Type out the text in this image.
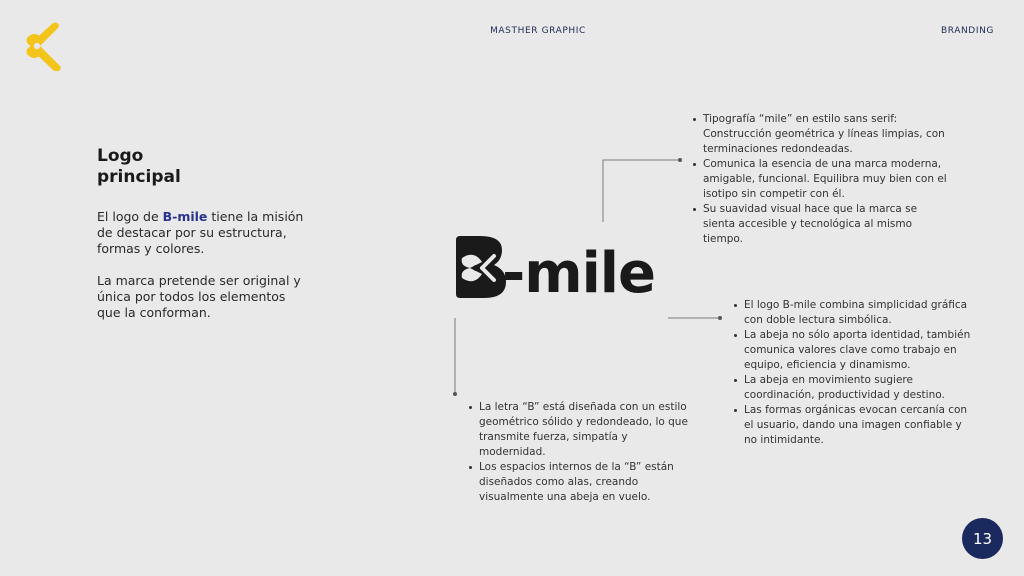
MASTHER GRAPHIC	BRANDING
Logo
principal

El logo de B-mile tiene la misión de destacar por su estructura, formas y colores.

La marca pretende ser original y única por todos los elementos que la conforman.

-mile
Tipografía “mile” en estilo sans serif: Construcción geométrica y líneas limpias, con terminaciones redondeadas.
Comunica la esencia de una marca moderna, amigable, funcional. Equilibra muy bien con el isotipo sin competir con él.
Su suavidad visual hace que la marca se sienta accesible y tecnológica al mismo tiempo.
El logo B-mile combina simplicidad gráfica con doble lectura simbólica.
La abeja no sólo aporta identidad, también comunica valores clave como trabajo en equipo, eficiencia y dinamismo.
La abeja en movimiento sugiere coordinación, productividad y destino.
Las formas orgánicas evocan cercanía con el usuario, dando una imagen confiable y no intimidante.
La letra “B” está diseñada con un estilo geométrico sólido y redondeado, lo que transmite fuerza, simpatía y modernidad.
Los espacios internos de la “B” están diseñados como alas, creando visualmente una abeja en vuelo.
13
